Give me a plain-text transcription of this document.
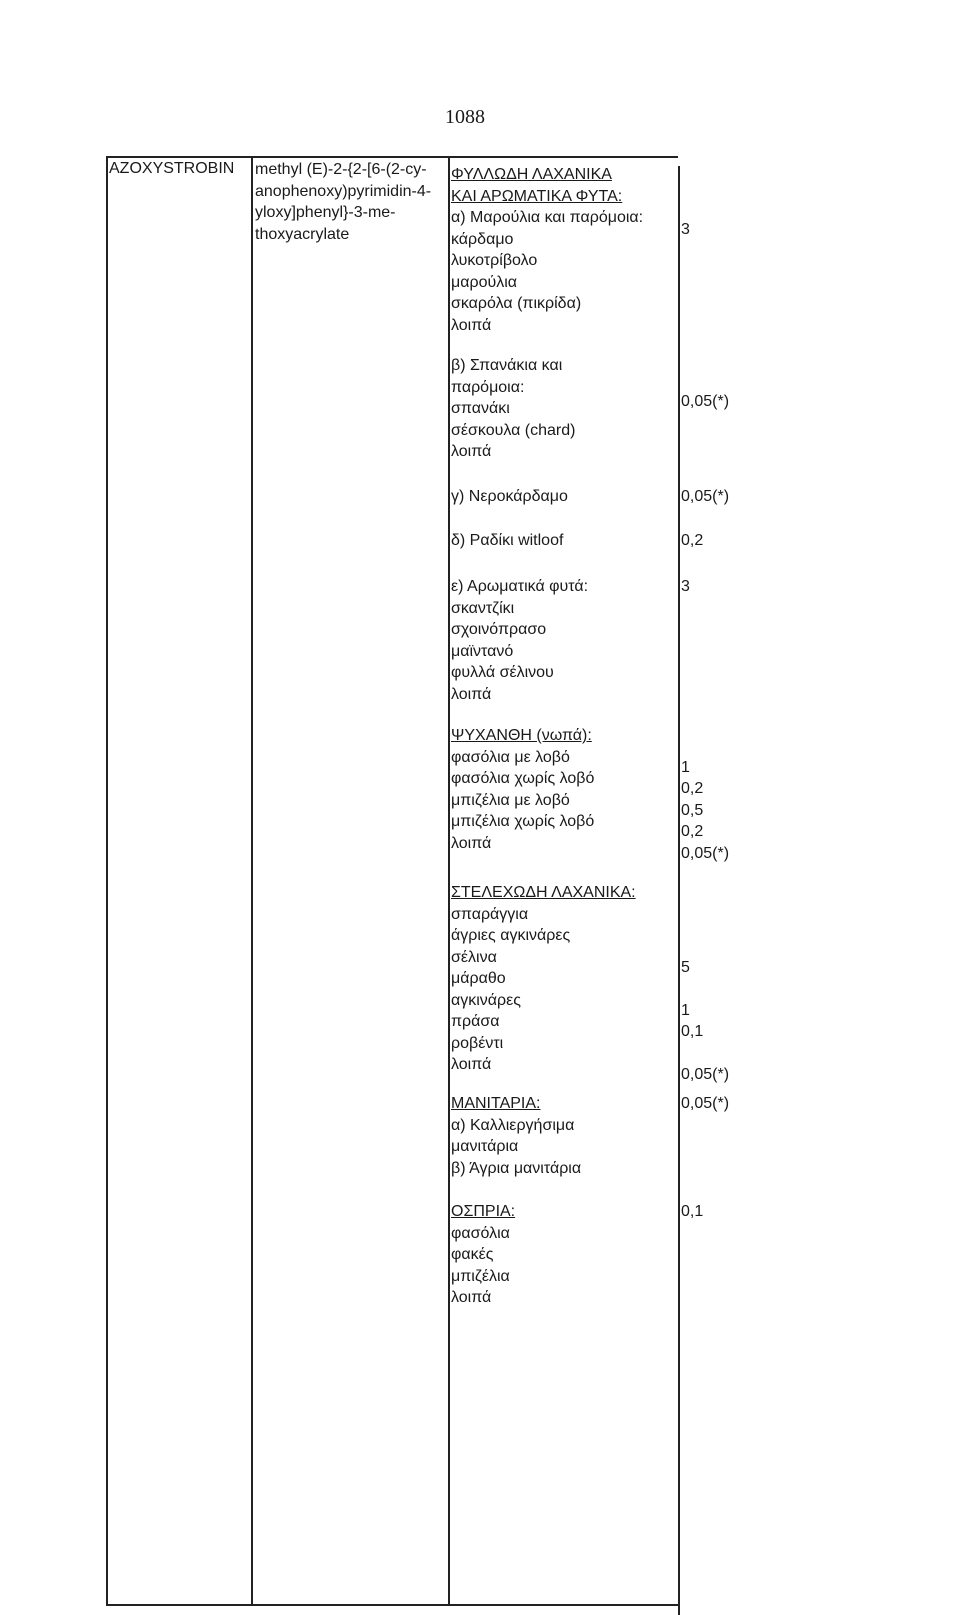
1088
AZOXYSTROBIN methyl (E)-2-{2-[6-(2-cy-
anophenoxy)pyrimidin-4-
yloxy]phenyl}-3-me-
thoxyacrylate
ΦΥΛΛΩΔΗ ΛΑΧΑΝΙΚΑ
ΚΑΙ ΑΡΩΜΑΤΙΚΑ ΦΥΤΑ:
α) Μαρούλια και παρόμοια:
κάρδαμο
λυκοτρίβολο
μαρούλια
σκαρόλα (πικρίδα)
λοιπά
3
β) Σπανάκια και
παρόμοια:
σπανάκι
σέσκουλα (chard)
λοιπά
0,05(*)
γ) Νεροκάρδαμο	0,05(*)
δ) Ραδίκι witloof	0,2
ε) Αρωματικά φυτά:
σκαντζίκι
σχοινόπρασο
μαϊντανό
φυλλά σέλινου
λοιπά
3
ΨΥΧΑΝΘΗ (νωπά):
φασόλια με λοβό
φασόλια χωρίς λοβό
μπιζέλια με λοβό
μπιζέλια χωρίς λοβό
λοιπά
1
0,2
0,5
0,2
0,05(*)
ΣΤΕΛΕΧΩΔΗ ΛΑΧΑΝΙΚΑ:
σπαράγγια
άγριες αγκινάρες
σέλινα
μάραθο
αγκινάρες
πράσα
ροβέντι
λοιπά
5
1
0,1
0,05(*)
ΜΑΝΙΤΑΡΙΑ:
α) Καλλιεργήσιμα
μανιτάρια
β) Άγρια μανιτάρια
0,05(*)
ΟΣΠΡΙΑ:
φασόλια
φακές
μπιζέλια
λοιπά
0,1
